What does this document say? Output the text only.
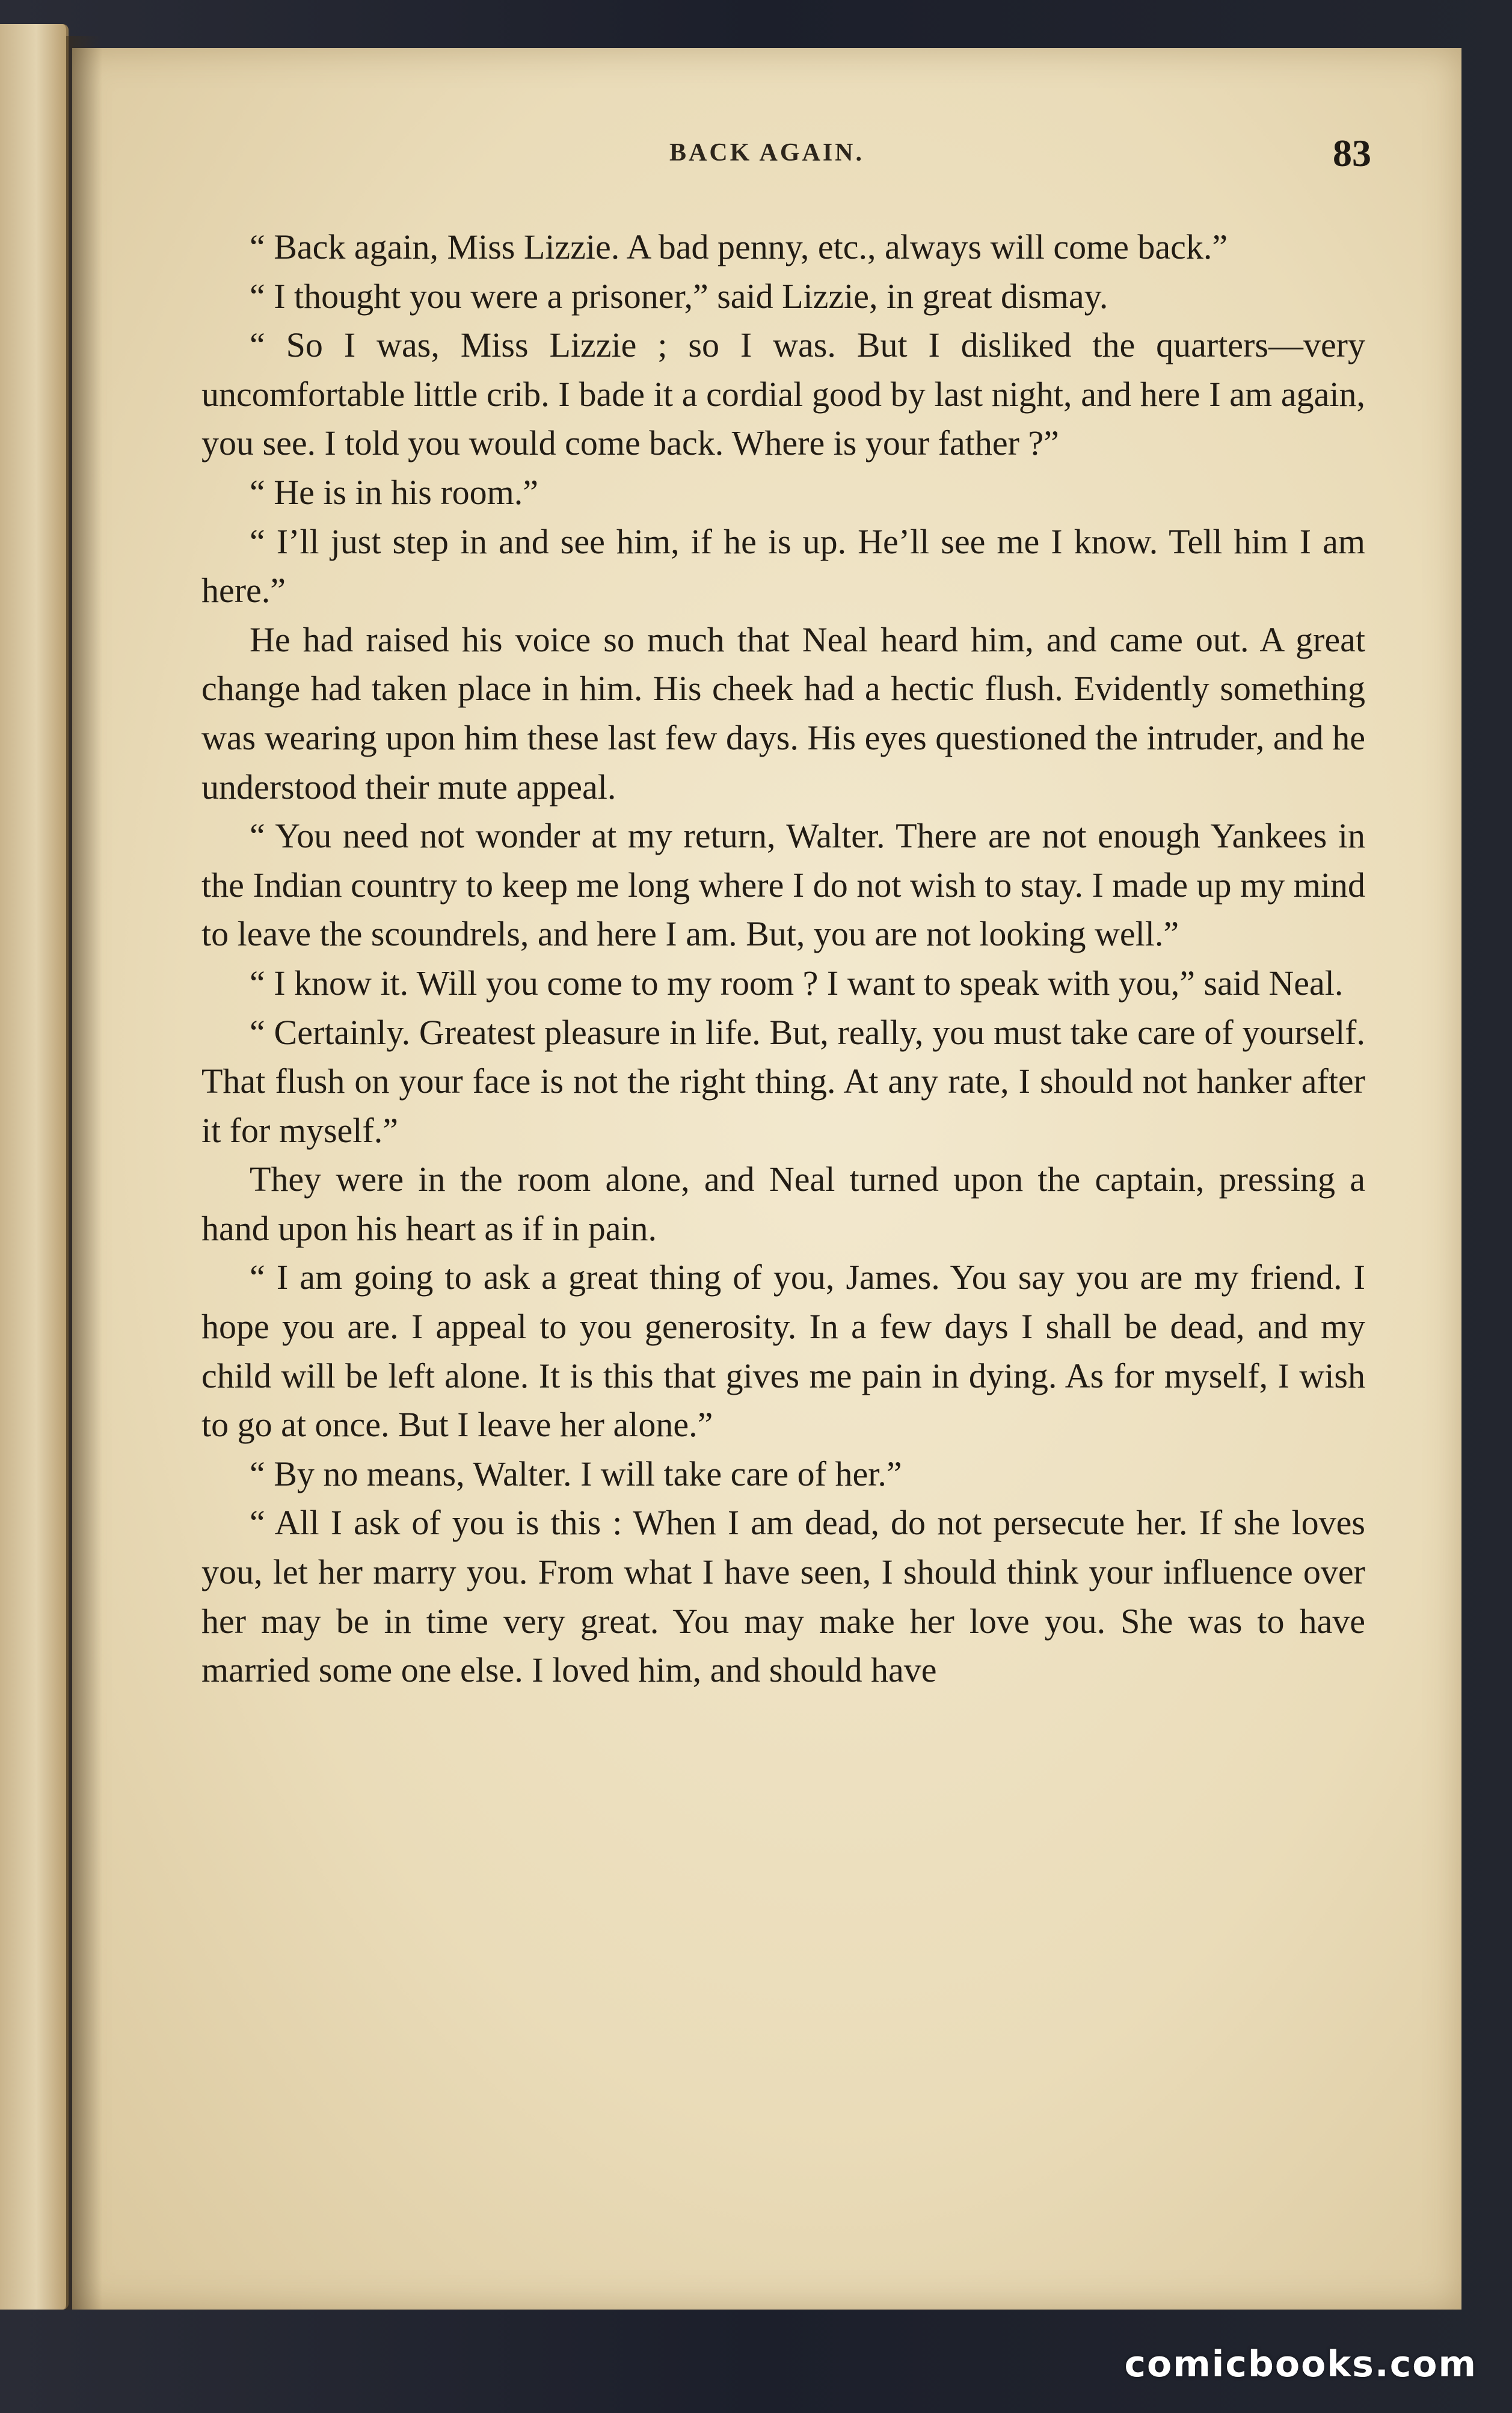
BACK AGAIN.	83

“ Back again, Miss Lizzie. A bad penny, etc., always will come back.”

“ I thought you were a prisoner,” said Lizzie, in great dismay.

“ So I was, Miss Lizzie ; so I was. But I disliked the quarters—very uncomfortable little crib. I bade it a cordial good by last night, and here I am again, you see. I told you would come back. Where is your father ?”

“ He is in his room.”

“ I’ll just step in and see him, if he is up. He’ll see me I know. Tell him I am here.”

He had raised his voice so much that Neal heard him, and came out. A great change had taken place in him. His cheek had a hectic flush. Evidently something was wearing upon him these last few days. His eyes questioned the intruder, and he understood their mute appeal.

“ You need not wonder at my return, Walter. There are not enough Yankees in the Indian country to keep me long where I do not wish to stay. I made up my mind to leave the scoundrels, and here I am. But, you are not looking well.”

“ I know it. Will you come to my room ? I want to speak with you,” said Neal.

“ Certainly. Greatest pleasure in life. But, really, you must take care of yourself. That flush on your face is not the right thing. At any rate, I should not hanker after it for myself.”

They were in the room alone, and Neal turned upon the captain, pressing a hand upon his heart as if in pain.

“ I am going to ask a great thing of you, James. You say you are my friend. I hope you are. I appeal to you generosity. In a few days I shall be dead, and my child will be left alone. It is this that gives me pain in dying. As for myself, I wish to go at once. But I leave her alone.”

“ By no means, Walter. I will take care of her.”

“ All I ask of you is this : When I am dead, do not persecute her. If she loves you, let her marry you. From what I have seen, I should think your influence over her may be in time very great. You may make her love you. She was to have married some one else. I loved him, and should have

comicbooks.com
